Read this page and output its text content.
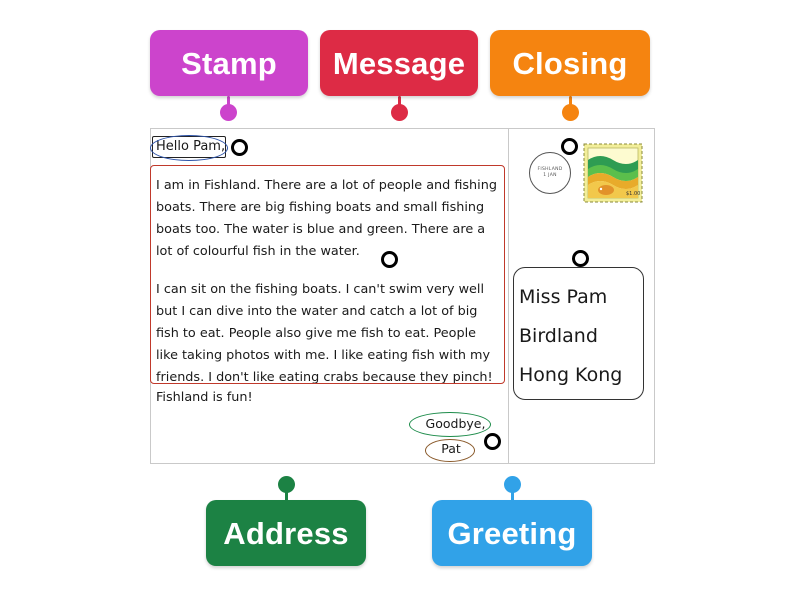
Hello Pam,

I am in Fishland. There are a lot of people and fishing boats. There are big fishing boats and small fishing boats too. The water is blue and green. There are a lot of colourful fish in the water.

I can sit on the fishing boats. I can't swim very well but I can dive into the water and catch a lot of big fish to eat. People also give me fish to eat. People like taking photos with me. I like eating fish with my friends. I don't like eating crabs because they pinch!

Fishland is fun!
Goodbye,
Pat
Miss Pam
Birdland
Hong Kong
FISHLAND
1 JAN
$1.00
Stamp	Message	Closing
Address	Greeting
